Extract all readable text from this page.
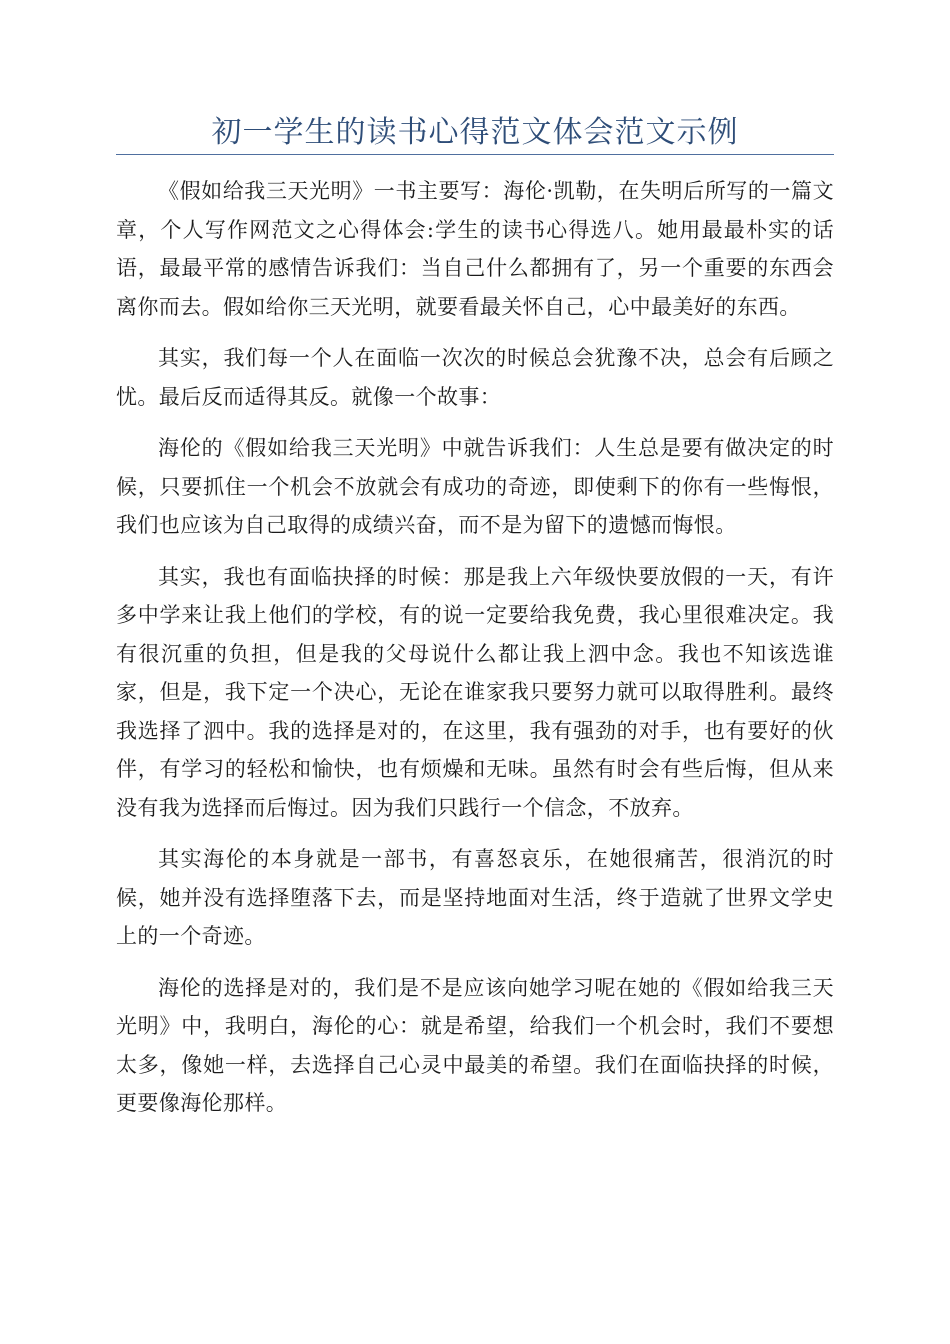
初一学生的读书心得范文体会范文示例

《假如给我三天光明》一书主要写：海伦·凯勒，在失明后所写的一篇文章，个人写作网范文之心得体会:学生的读书心得选八。她用最最朴实的话语，最最平常的感情告诉我们：当自己什么都拥有了，另一个重要的东西会离你而去。假如给你三天光明，就要看最关怀自己，心中最美好的东西。

其实，我们每一个人在面临一次次的时候总会犹豫不决，总会有后顾之忧。最后反而适得其反。就像一个故事：

海伦的《假如给我三天光明》中就告诉我们：人生总是要有做决定的时候，只要抓住一个机会不放就会有成功的奇迹，即使剩下的你有一些悔恨，我们也应该为自己取得的成绩兴奋，而不是为留下的遗憾而悔恨。

其实，我也有面临抉择的时候：那是我上六年级快要放假的一天，有许多中学来让我上他们的学校，有的说一定要给我免费，我心里很难决定。我有很沉重的负担，但是我的父母说什么都让我上泗中念。我也不知该选谁家，但是，我下定一个决心，无论在谁家我只要努力就可以取得胜利。最终我选择了泗中。我的选择是对的，在这里，我有强劲的对手，也有要好的伙伴，有学习的轻松和愉快，也有烦燥和无味。虽然有时会有些后悔，但从来没有我为选择而后悔过。因为我们只践行一个信念，不放弃。

其实海伦的本身就是一部书，有喜怒哀乐，在她很痛苦，很消沉的时候，她并没有选择堕落下去，而是坚持地面对生活，终于造就了世界文学史上的一个奇迹。

海伦的选择是对的，我们是不是应该向她学习呢在她的《假如给我三天光明》中，我明白，海伦的心：就是希望，给我们一个机会时，我们不要想太多，像她一样，去选择自己心灵中最美的希望。我们在面临抉择的时候，更要像海伦那样。
